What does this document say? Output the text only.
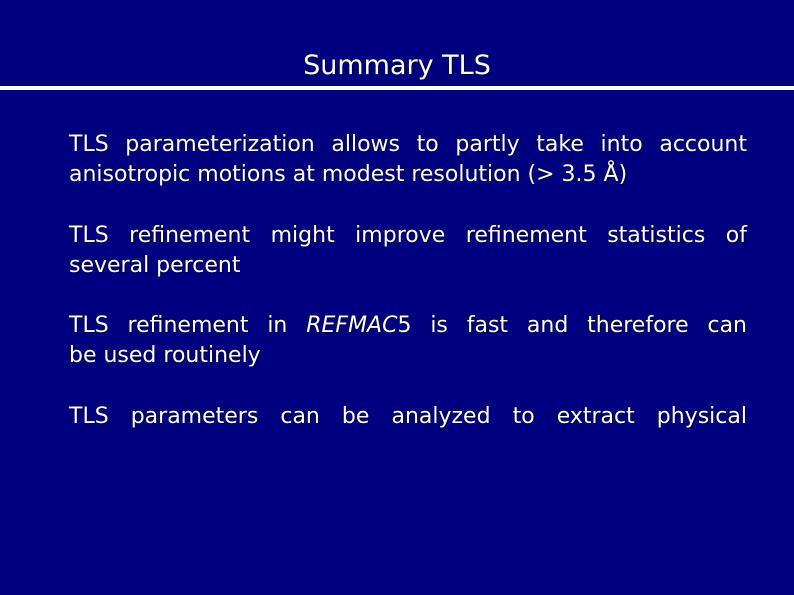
Summary TLS
TLS parameterization allows to partly take into account
anisotropic motions at modest resolution (> 3.5 Å)
TLS refinement might improve refinement statistics of
several percent
TLS refinement in REFMAC5 is fast and therefore can
be used routinely
TLS parameters can be analyzed to extract physical
